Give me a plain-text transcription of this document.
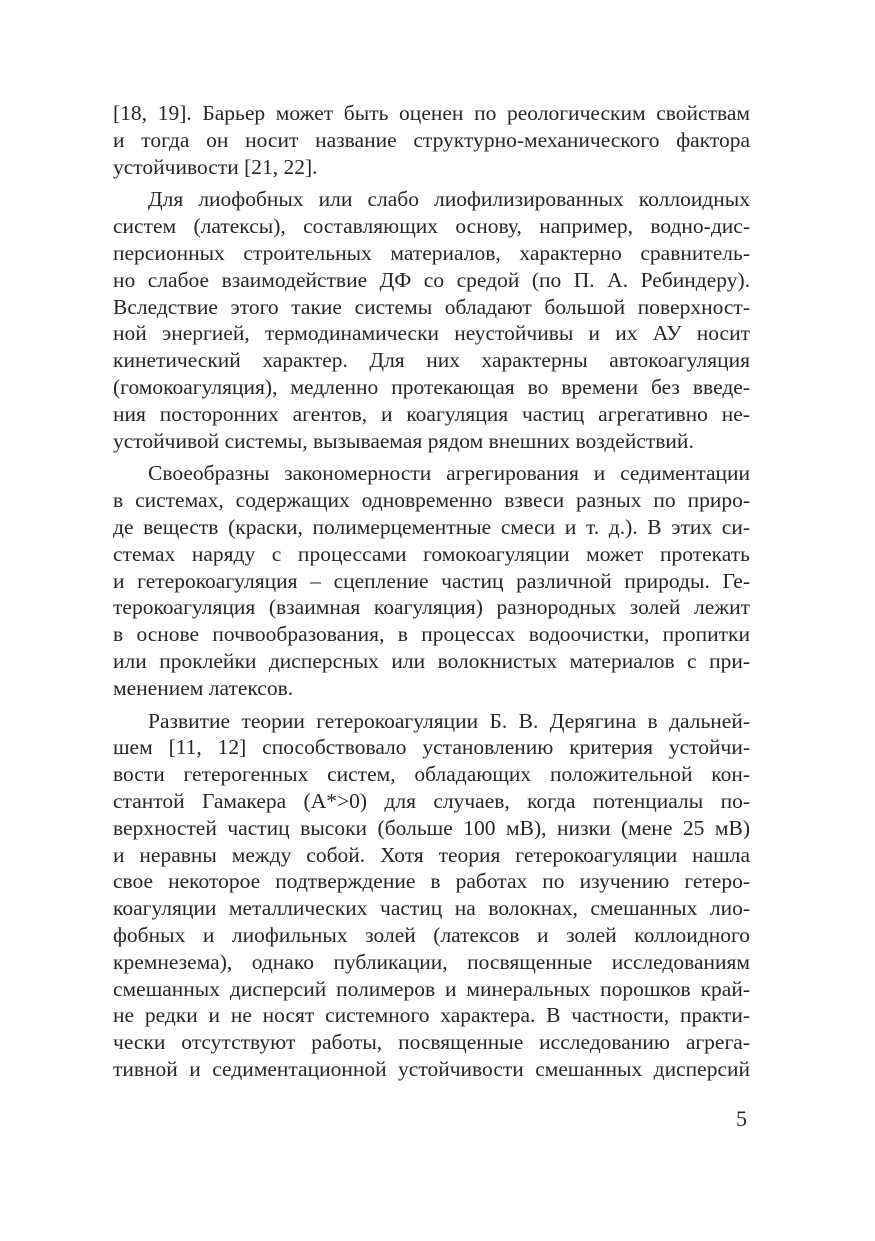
[18, 19]. Барьер может быть оценен по реологическим свойствам
и тогда он носит название структурно-механического фактора
устойчивости [21, 22].
Для лиофобных или слабо лиофилизированных коллоидных
систем (латексы), составляющих основу, например, водно-дис-
персионных строительных материалов, характерно сравнитель-
но слабое взаимодействие ДФ со средой (по П. А. Ребиндеру).
Вследствие этого такие системы обладают большой поверхност-
ной энергией, термодинамически неустойчивы и их АУ носит
кинетический характер. Для них характерны автокоагуляция
(гомокоагуляция), медленно протекающая во времени без введе-
ния посторонних агентов, и коагуляция частиц агрегативно не-
устойчивой системы, вызываемая рядом внешних воздействий.
Своеобразны закономерности агрегирования и седиментации
в системах, содержащих одновременно взвеси разных по приро-
де веществ (краски, полимерцементные смеси и т. д.). В этих си-
стемах наряду с процессами гомокоагуляции может протекать
и гетерокоагуляция – сцепление частиц различной природы. Ге-
терокоагуляция (взаимная коагуляция) разнородных золей лежит
в основе почвообразования, в процессах водоочистки, пропитки
или проклейки дисперсных или волокнистых материалов с при-
менением латексов.
Развитие теории гетерокоагуляции Б. В. Дерягина в дальней-
шем [11, 12] способствовало установлению критерия устойчи-
вости гетерогенных систем, обладающих положительной кон-
стантой Гамакера (А*>0) для случаев, когда потенциалы по-
верхностей частиц высоки (больше 100 мВ), низки (мене 25 мВ)
и неравны между собой. Хотя теория гетерокоагуляции нашла
свое некоторое подтверждение в работах по изучению гетеро-
коагуляции металлических частиц на волокнах, смешанных лио-
фобных и лиофильных золей (латексов и золей коллоидного
кремнезема), однако публикации, посвященные исследованиям
смешанных дисперсий полимеров и минеральных порошков край-
не редки и не носят системного характера. В частности, практи-
чески отсутствуют работы, посвященные исследованию агрега-
тивной и седиментационной устойчивости смешанных дисперсий
5
